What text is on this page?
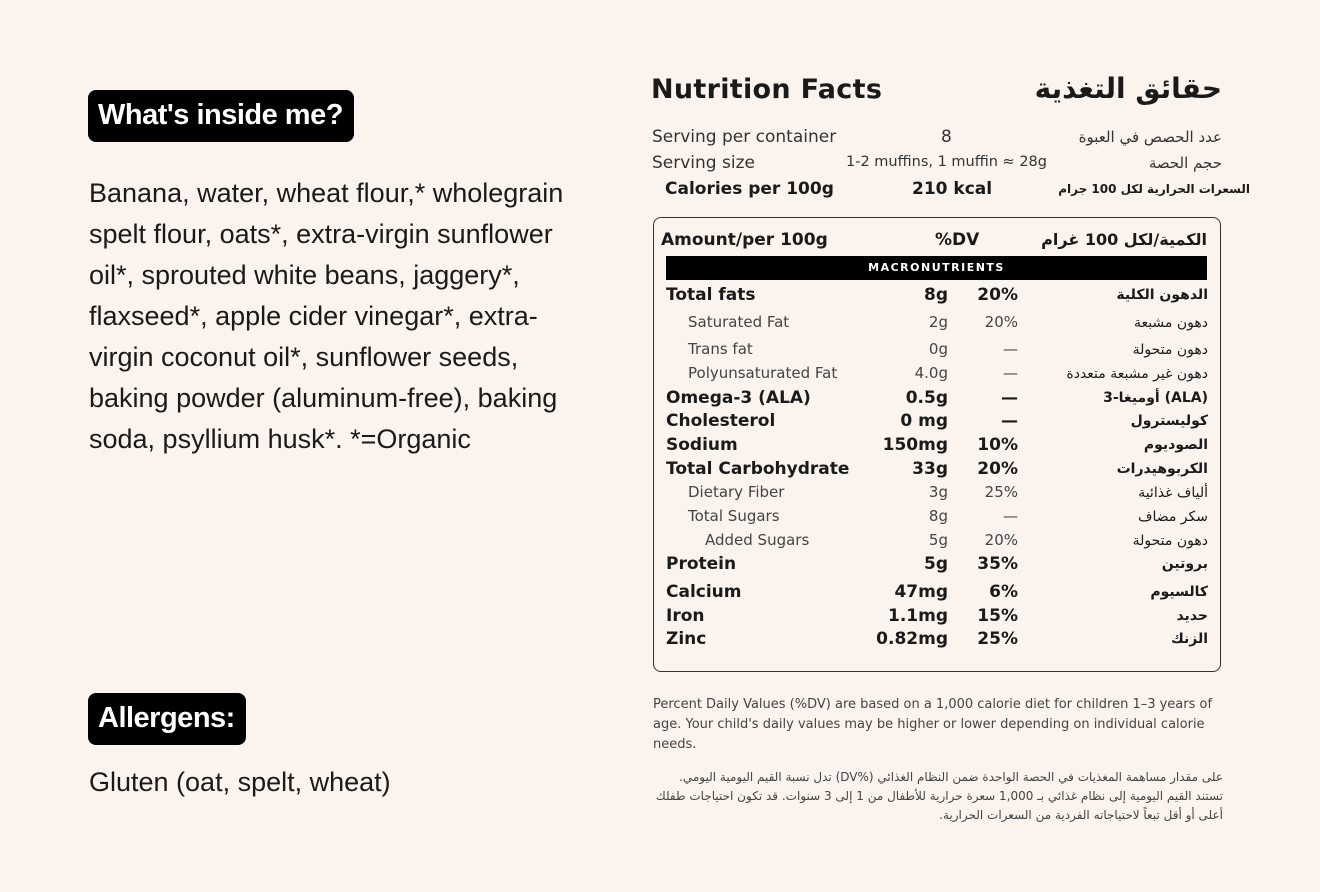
What's inside me?
Banana, water, wheat flour,* wholegrain spelt flour, oats*, extra-virgin sunflower oil*, sprouted white beans, jaggery*, flaxseed*, apple cider vinegar*, extra-virgin coconut oil*, sunflower seeds, baking powder (aluminum-free), baking soda, psyllium husk*. *=Organic
Allergens:
Gluten (oat, spelt, wheat)
Nutrition Facts	حقائق التغذية
Serving per container	8	عدد الحصص في العبوة
Serving size	1-2 muffins, 1 muffin ≈ 28g	حجم الحصة
Calories per 100g	210 kcal	السعرات الحرارية لكل 100 جرام
Amount/per 100g	%DV	الكمية/لكل 100 غرام
MACRONUTRIENTS
Total fats	8g	20%	الدهون الكلية
Saturated Fat	2g	20%	دهون مشبعة
Trans fat	0g	—	دهون متحولة
Polyunsaturated Fat	4.0g	—	دهون غير مشبعة متعددة
Omega-3 (ALA)	0.5g	—	(ALA) أوميغا-3
Cholesterol	0 mg	—	كوليسترول
Sodium	150mg	10%	الصوديوم
Total Carbohydrate	33g	20%	الكربوهيدرات
Dietary Fiber	3g	25%	ألياف غذائية
Total Sugars	8g	—	سكر مضاف
Added Sugars	5g	20%	دهون متحولة
Protein	5g	35%	بروتين
Calcium	47mg	6%	كالسيوم
Iron	1.1mg	15%	حديد
Zinc	0.82mg	25%	الزنك
Percent Daily Values (%DV) are based on a 1,000 calorie diet for children 1–3 years of age. Your child's daily values may be higher or lower depending on individual calorie needs.
على مقدار مساهمة المغذيات في الحصة الواحدة ضمن النظام الغذائي (%DV) تدل نسبة القيم اليومية اليومي. تستند القيم اليومية إلى نظام غذائي بـ 1,000 سعرة حرارية للأطفال من 1 إلى 3 سنوات. قد تكون احتياجات طفلك أعلى أو أقل تبعاً لاحتياجاته الفردية من السعرات الحرارية.
